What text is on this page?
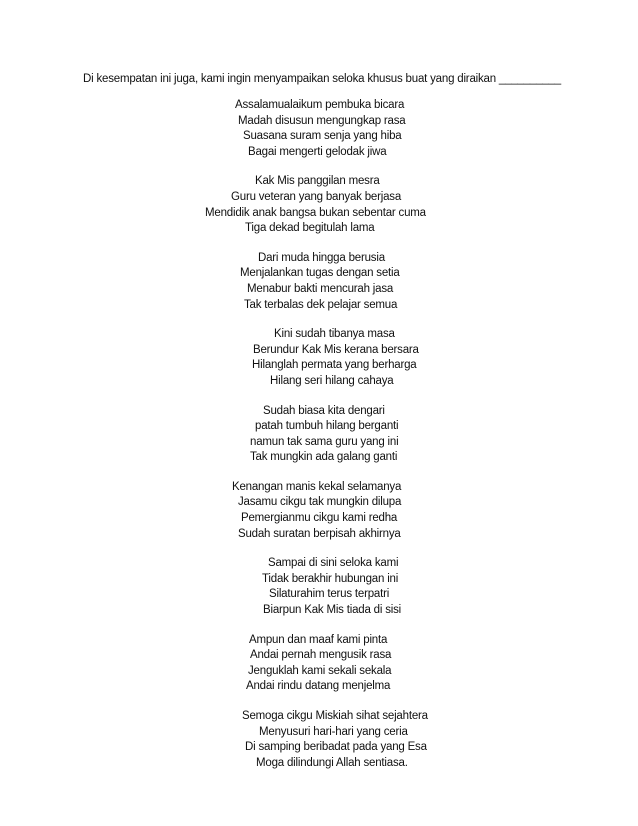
Di kesempatan ini juga, kami ingin menyampaikan seloka khusus buat yang diraikan __________
Assalamualaikum pembuka bicara
Madah disusun mengungkap rasa
Suasana suram senja yang hiba
Bagai mengerti gelodak jiwa
Kak Mis panggilan mesra
Guru veteran yang banyak berjasa
Mendidik anak bangsa bukan sebentar cuma
Tiga dekad begitulah lama
Dari muda hingga berusia
Menjalankan tugas dengan setia
Menabur bakti mencurah jasa
Tak terbalas dek pelajar semua
Kini sudah tibanya masa
Berundur Kak Mis kerana bersara
Hilanglah permata yang berharga
Hilang seri hilang cahaya
Sudah biasa kita dengari
patah tumbuh hilang berganti
namun tak sama guru yang ini
Tak mungkin ada galang ganti
Kenangan manis kekal selamanya
Jasamu cikgu tak mungkin dilupa
Pemergianmu cikgu kami redha
Sudah suratan berpisah akhirnya
Sampai di sini seloka kami
Tidak berakhir hubungan ini
Silaturahim terus terpatri
Biarpun Kak Mis tiada di sisi
Ampun dan maaf kami pinta
Andai pernah mengusik rasa
Jenguklah kami sekali sekala
Andai rindu datang menjelma
Semoga cikgu Miskiah sihat sejahtera
Menyusuri hari-hari yang ceria
Di samping beribadat pada yang Esa
Moga dilindungi Allah sentiasa.
